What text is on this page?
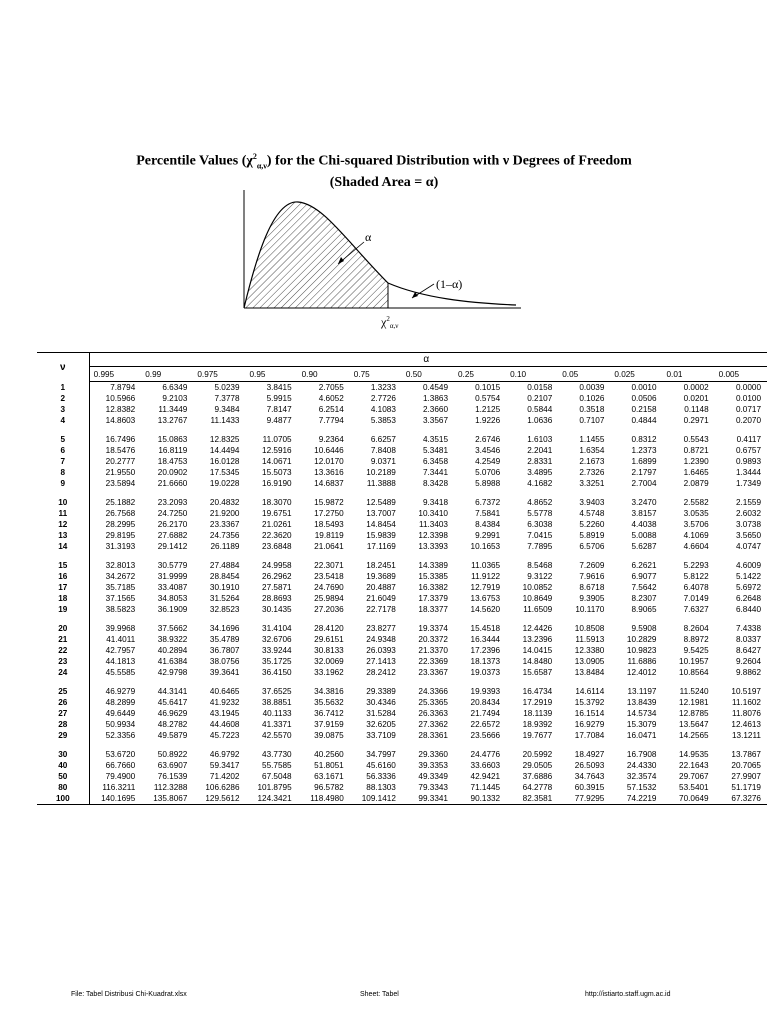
Percentile Values $(\chi^2_{\alpha,\nu})$ for the Chi-squared Distribution with ν Degrees of Freedom
(Shaded Area = α)
α
(1–α)
$\chi^2_{\alpha,\nu}$
ν	α												
	0.995	0.99	0.975	0.95	0.90	0.75	0.50	0.25	0.10	0.05	0.025	0.01	0.005
1	7.8794	6.6349	5.0239	3.8415	2.7055	1.3233	0.4549	0.1015	0.0158	0.0039	0.0010	0.0002	0.0000
2	10.5966	9.2103	7.3778	5.9915	4.6052	2.7726	1.3863	0.5754	0.2107	0.1026	0.0506	0.0201	0.0100
3	12.8382	11.3449	9.3484	7.8147	6.2514	4.1083	2.3660	1.2125	0.5844	0.3518	0.2158	0.1148	0.0717
4	14.8603	13.2767	11.1433	9.4877	7.7794	5.3853	3.3567	1.9226	1.0636	0.7107	0.4844	0.2971	0.2070

5	16.7496	15.0863	12.8325	11.0705	9.2364	6.6257	4.3515	2.6746	1.6103	1.1455	0.8312	0.5543	0.4117
6	18.5476	16.8119	14.4494	12.5916	10.6446	7.8408	5.3481	3.4546	2.2041	1.6354	1.2373	0.8721	0.6757
7	20.2777	18.4753	16.0128	14.0671	12.0170	9.0371	6.3458	4.2549	2.8331	2.1673	1.6899	1.2390	0.9893
8	21.9550	20.0902	17.5345	15.5073	13.3616	10.2189	7.3441	5.0706	3.4895	2.7326	2.1797	1.6465	1.3444
9	23.5894	21.6660	19.0228	16.9190	14.6837	11.3888	8.3428	5.8988	4.1682	3.3251	2.7004	2.0879	1.7349

10	25.1882	23.2093	20.4832	18.3070	15.9872	12.5489	9.3418	6.7372	4.8652	3.9403	3.2470	2.5582	2.1559
11	26.7568	24.7250	21.9200	19.6751	17.2750	13.7007	10.3410	7.5841	5.5778	4.5748	3.8157	3.0535	2.6032
12	28.2995	26.2170	23.3367	21.0261	18.5493	14.8454	11.3403	8.4384	6.3038	5.2260	4.4038	3.5706	3.0738
13	29.8195	27.6882	24.7356	22.3620	19.8119	15.9839	12.3398	9.2991	7.0415	5.8919	5.0088	4.1069	3.5650
14	31.3193	29.1412	26.1189	23.6848	21.0641	17.1169	13.3393	10.1653	7.7895	6.5706	5.6287	4.6604	4.0747

15	32.8013	30.5779	27.4884	24.9958	22.3071	18.2451	14.3389	11.0365	8.5468	7.2609	6.2621	5.2293	4.6009
16	34.2672	31.9999	28.8454	26.2962	23.5418	19.3689	15.3385	11.9122	9.3122	7.9616	6.9077	5.8122	5.1422
17	35.7185	33.4087	30.1910	27.5871	24.7690	20.4887	16.3382	12.7919	10.0852	8.6718	7.5642	6.4078	5.6972
18	37.1565	34.8053	31.5264	28.8693	25.9894	21.6049	17.3379	13.6753	10.8649	9.3905	8.2307	7.0149	6.2648
19	38.5823	36.1909	32.8523	30.1435	27.2036	22.7178	18.3377	14.5620	11.6509	10.1170	8.9065	7.6327	6.8440

20	39.9968	37.5662	34.1696	31.4104	28.4120	23.8277	19.3374	15.4518	12.4426	10.8508	9.5908	8.2604	7.4338
21	41.4011	38.9322	35.4789	32.6706	29.6151	24.9348	20.3372	16.3444	13.2396	11.5913	10.2829	8.8972	8.0337
22	42.7957	40.2894	36.7807	33.9244	30.8133	26.0393	21.3370	17.2396	14.0415	12.3380	10.9823	9.5425	8.6427
23	44.1813	41.6384	38.0756	35.1725	32.0069	27.1413	22.3369	18.1373	14.8480	13.0905	11.6886	10.1957	9.2604
24	45.5585	42.9798	39.3641	36.4150	33.1962	28.2412	23.3367	19.0373	15.6587	13.8484	12.4012	10.8564	9.8862

25	46.9279	44.3141	40.6465	37.6525	34.3816	29.3389	24.3366	19.9393	16.4734	14.6114	13.1197	11.5240	10.5197
26	48.2899	45.6417	41.9232	38.8851	35.5632	30.4346	25.3365	20.8434	17.2919	15.3792	13.8439	12.1981	11.1602
27	49.6449	46.9629	43.1945	40.1133	36.7412	31.5284	26.3363	21.7494	18.1139	16.1514	14.5734	12.8785	11.8076
28	50.9934	48.2782	44.4608	41.3371	37.9159	32.6205	27.3362	22.6572	18.9392	16.9279	15.3079	13.5647	12.4613
29	52.3356	49.5879	45.7223	42.5570	39.0875	33.7109	28.3361	23.5666	19.7677	17.7084	16.0471	14.2565	13.1211

30	53.6720	50.8922	46.9792	43.7730	40.2560	34.7997	29.3360	24.4776	20.5992	18.4927	16.7908	14.9535	13.7867
40	66.7660	63.6907	59.3417	55.7585	51.8051	45.6160	39.3353	33.6603	29.0505	26.5093	24.4330	22.1643	20.7065
50	79.4900	76.1539	71.4202	67.5048	63.1671	56.3336	49.3349	42.9421	37.6886	34.7643	32.3574	29.7067	27.9907
80	116.3211	112.3288	106.6286	101.8795	96.5782	88.1303	79.3343	71.1445	64.2778	60.3915	57.1532	53.5401	51.1719
100	140.1695	135.8067	129.5612	124.3421	118.4980	109.1412	99.3341	90.1332	82.3581	77.9295	74.2219	70.0649	67.3276
File: Tabel Distribusi Chi-Kuadrat.xlsx	Sheet: Tabel	http://istiarto.staff.ugm.ac.id
